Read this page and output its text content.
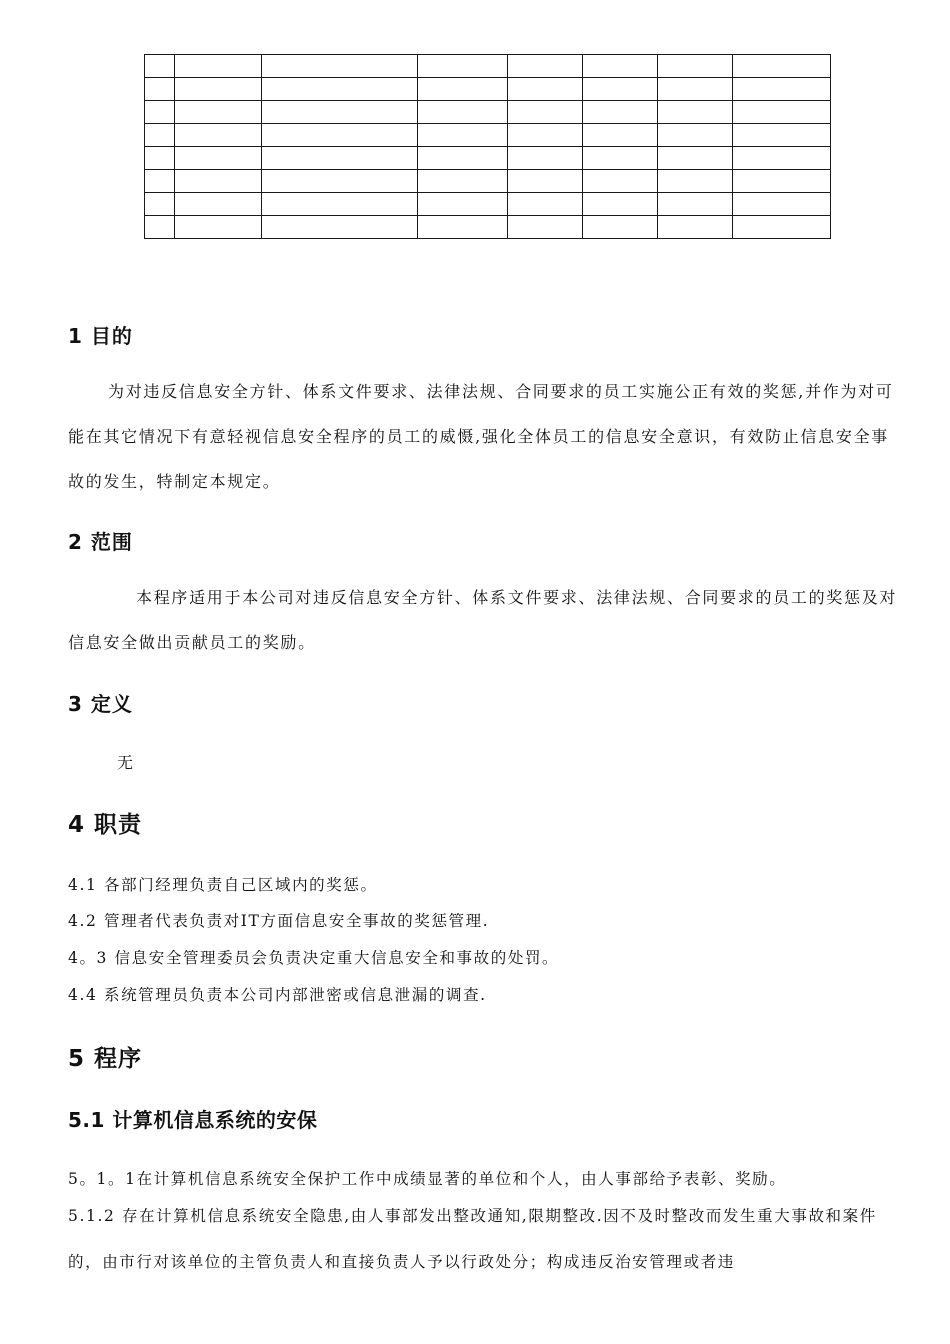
1 目的
为对违反信息安全方针、体系文件要求、法律法规、合同要求的员工实施公正有效的奖惩,并作为对可能在其它情况下有意轻视信息安全程序的员工的威慑,强化全体员工的信息安全意识，有效防止信息安全事故的发生，特制定本规定。
2 范围
本程序适用于本公司对违反信息安全方针、体系文件要求、法律法规、合同要求的员工的奖惩及对信息安全做出贡献员工的奖励。
3 定义
无
4 职责
4.1 各部门经理负责自己区域内的奖惩。
4.2 管理者代表负责对IT方面信息安全事故的奖惩管理.
4。3 信息安全管理委员会负责决定重大信息安全和事故的处罚。
4.4 系统管理员负责本公司内部泄密或信息泄漏的调查.
5 程序
5.1 计算机信息系统的安保
5。1。1在计算机信息系统安全保护工作中成绩显著的单位和个人，由人事部给予表彰、奖励。
5.1.2 存在计算机信息系统安全隐患,由人事部发出整改通知,限期整改.因不及时整改而发生重大事故和案件的，由市行对该单位的主管负责人和直接负责人予以行政处分；构成违反治安管理或者违
